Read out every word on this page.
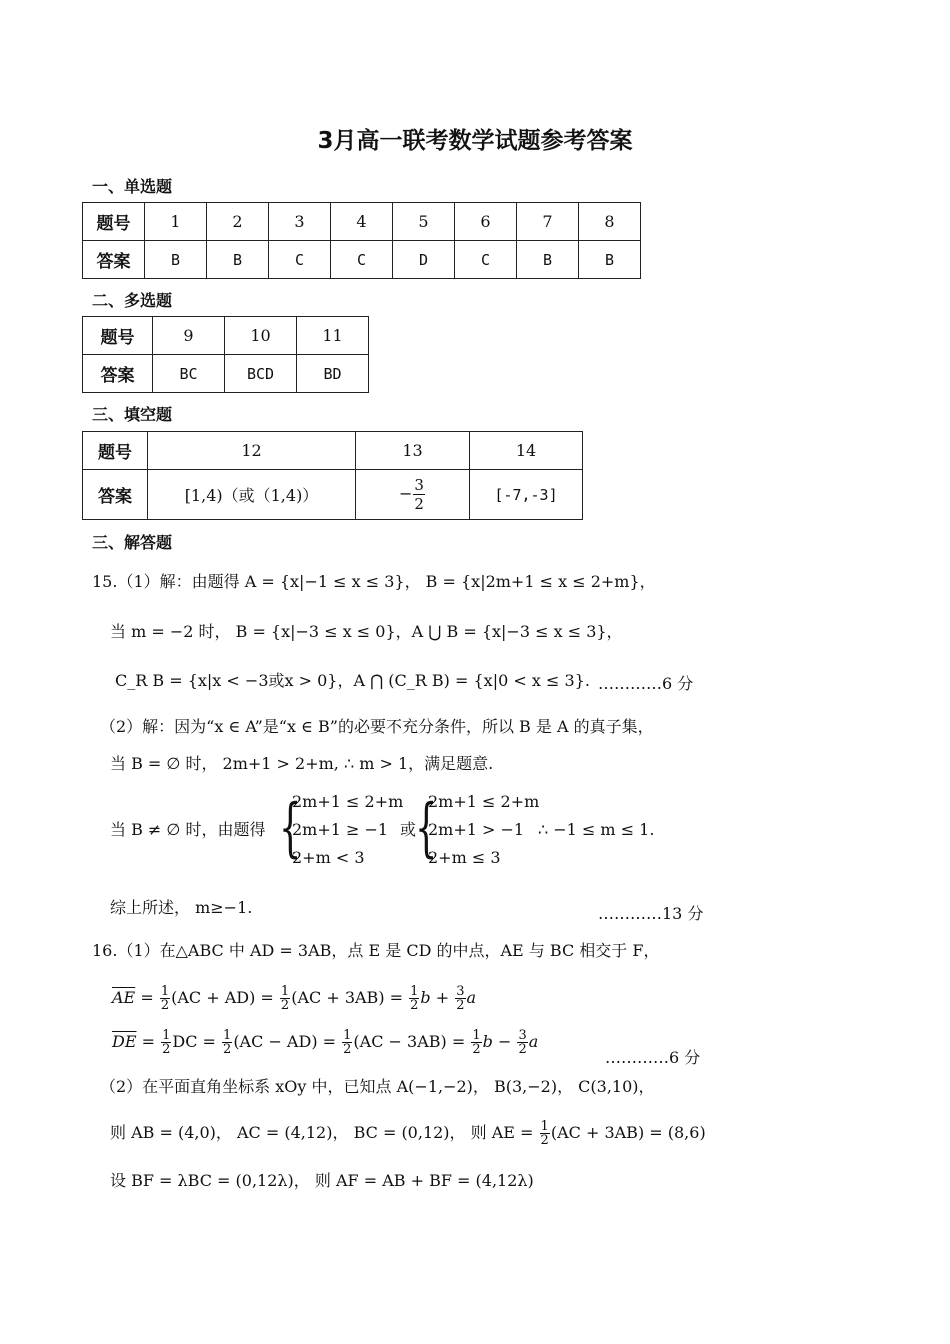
3月高一联考数学试题参考答案
一、单选题
题号	1	2	3	4	5	6	7	8
答案	B	B	C	C	D	C	B	B
二、多选题
题号	9	10	11
答案	BC	BCD	BD
三、填空题
题号	12	13	14
答案	[1,4)（或（1,4)）	− $\frac{3}{2}$	[-7,-3]
三、解答题
15.（1）解：由题得 A = {x|−1 ≤ x ≤ 3}， B = {x|2m+1 ≤ x ≤ 2+m}，
当 m = −2 时， B = {x|−3 ≤ x ≤ 0}，A ⋃ B = {x|−3 ≤ x ≤ 3}，
C_R B = {x|x < −3或x > 0}，A ⋂ (C_R B) = {x|0 < x ≤ 3}. …………6 分
（2）解：因为“x ∈ A”是“x ∈ B”的必要不充分条件，所以 B 是 A 的真子集，
当 B = ∅ 时， 2m+1 > 2+m, ∴ m > 1，满足题意.
当 B ≠ ∅ 时，由题得 {
2m+1 ≤ 2+m
2m+1 ≥ −1
2+m < 3
或
{
2m+1 ≤ 2+m
2m+1 > −1
2+m ≤ 3
∴ −1 ≤ m ≤ 1.
综上所述， m≥−1.	…………13 分
16.（1）在△ABC 中 AD = 3AB，点 E 是 CD 的中点，AE 与 BC 相交于 F，
$\overline{AE} = \frac{1}{2} (AC + AD) = \frac{1}{2} (AC + 3AB) = \frac{1}{2}$ $b + \frac{3}{2}$ a
$\overline{DE} = \frac{1}{2}$ DC = $\frac{1}{2} (AC - AD) = \frac{1}{2} (AC - 3AB) = \frac{1}{2}$ $b - \frac{3}{2}$ a
…………6 分
（2）在平面直角坐标系 xOy 中，已知点 A(−1,−2)， B(3,−2)， C(3,10)，
则 AB = (4,0)， AC = (4,12)， BC = (0,12)， 则 AE = $\frac{1}{2} (AC + 3AB) = (8,6)$
设 BF = λBC = (0,12λ)， 则 AF = AB + BF = (4,12λ)
